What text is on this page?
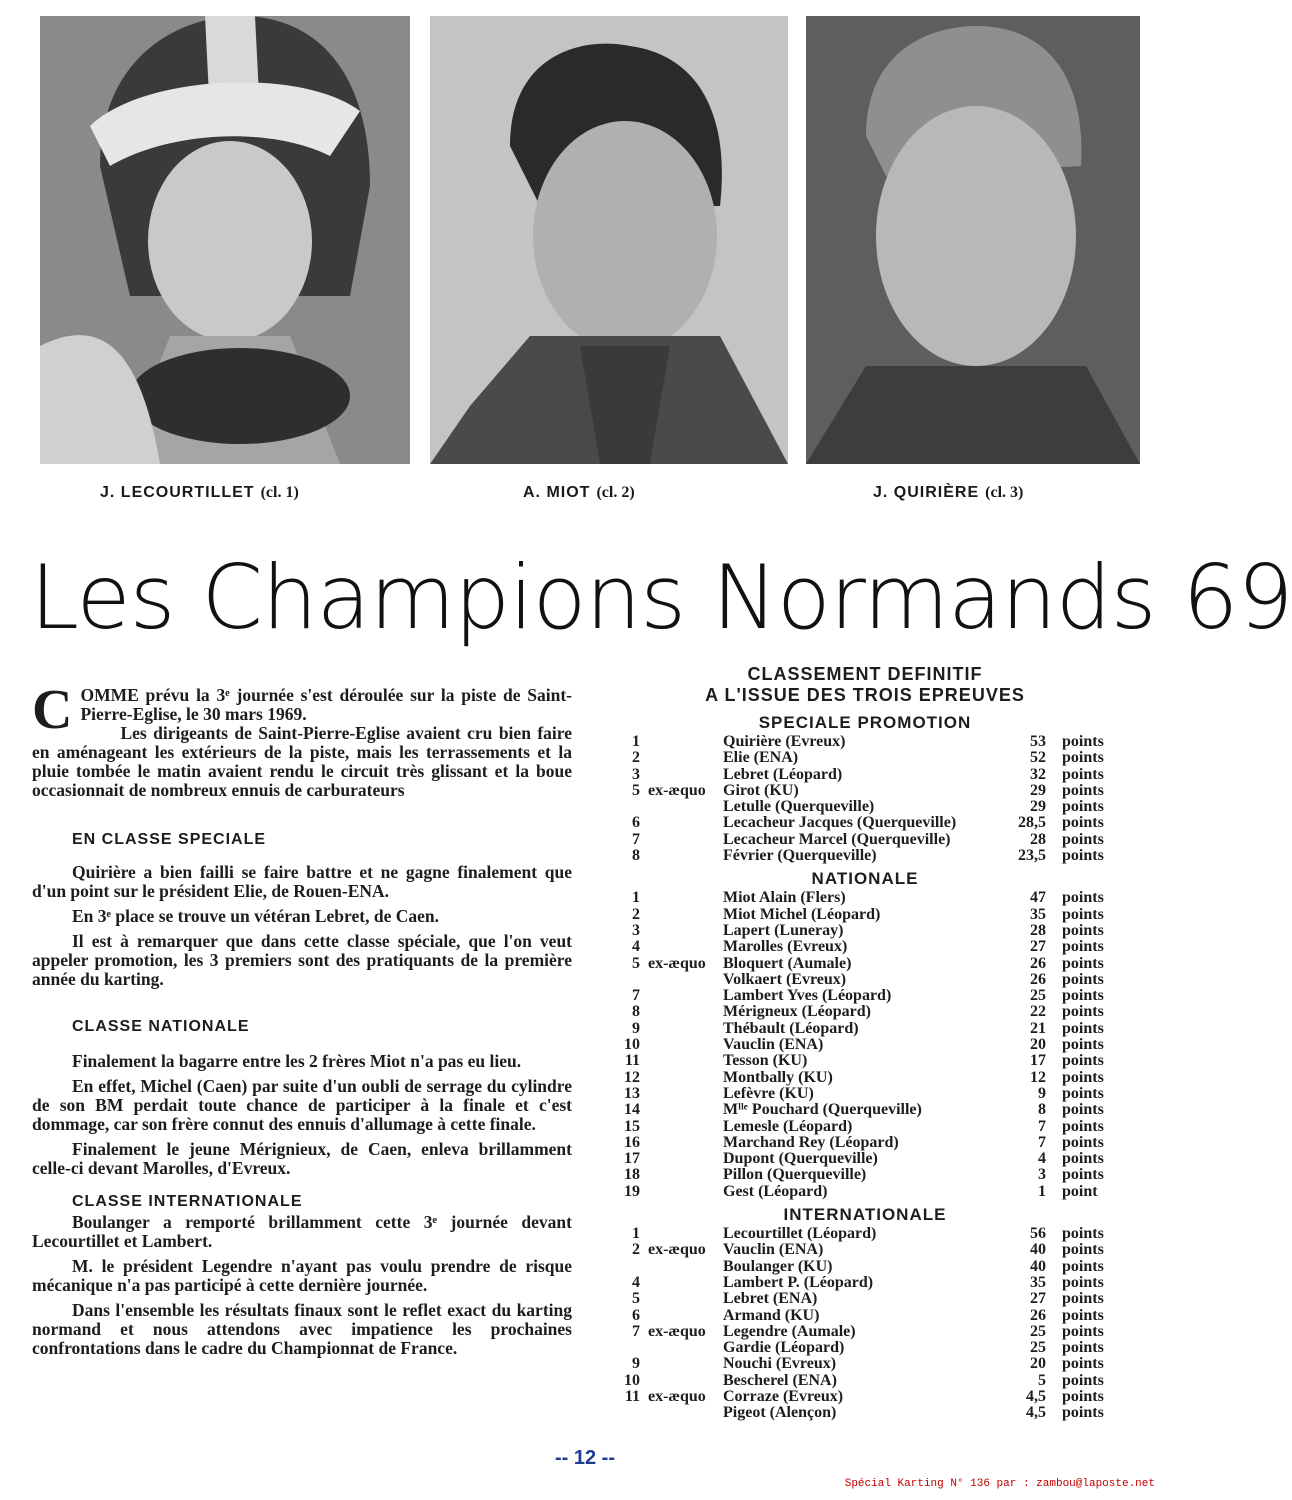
J. LECOURTILLET (cl. 1)	A. MIOT (cl. 2)	J. QUIRIÈRE (cl. 3)
Les Champions Normands 69

COMME prévu la 3ᵉ journée s'est déroulée sur la piste de Saint-Pierre-Eglise, le 30 mars 1969.

Les dirigeants de Saint-Pierre-Eglise avaient cru bien faire en aménageant les extérieurs de la piste, mais les terrassements et la pluie tombée le matin avaient rendu le circuit très glissant et la boue occasionnait de nombreux ennuis de carburateurs

EN CLASSE SPECIALE

Quirière a bien failli se faire battre et ne gagne finalement que d'un point sur le président Elie, de Rouen-ENA.

En 3ᵉ place se trouve un vétéran Lebret, de Caen.

Il est à remarquer que dans cette classe spéciale, que l'on veut appeler promotion, les 3 premiers sont des pratiquants de la première année du karting.

CLASSE NATIONALE

Finalement la bagarre entre les 2 frères Miot n'a pas eu lieu.

En effet, Michel (Caen) par suite d'un oubli de serrage du cylindre de son BM perdait toute chance de participer à la finale et c'est dommage, car son frère connut des ennuis d'allumage à cette finale.

Finalement le jeune Mérignieux, de Caen, enleva brillamment celle-ci devant Marolles, d'Evreux.

CLASSE INTERNATIONALE

Boulanger a remporté brillamment cette 3ᵉ journée devant Lecourtillet et Lambert.

M. le président Legendre n'ayant pas voulu prendre de risque mécanique n'a pas participé à cette dernière journée.

Dans l'ensemble les résultats finaux sont le reflet exact du karting normand et nous attendons avec impatience les prochaines confrontations dans le cadre du Championnat de France.

CLASSEMENT DEFINITIF
A L'ISSUE DES TROIS EPREUVES
SPECIALE PROMOTION
1	Quirière (Evreux)	53 points
2	Elie (ENA)	52 points
3	Lebret (Léopard)	32 points
5 ex-æquo Girot (KU)	29 points
Letulle (Querqueville)	29 points
6	Lecacheur Jacques (Querqueville)	28,5 points
7	Lecacheur Marcel (Querqueville)	28 points
8	Février (Querqueville)	23,5 points
NATIONALE
1	Miot Alain (Flers)	47 points
2	Miot Michel (Léopard)	35 points
3	Lapert (Luneray)	28 points
4	Marolles (Evreux)	27 points
5 ex-æquo Bloquert (Aumale)	26 points
Volkaert (Evreux)	26 points
7	Lambert Yves (Léopard)	25 points
8	Mérigneux (Léopard)	22 points
9	Thébault (Léopard)	21 points
10	Vauclin (ENA)	20 points
11	Tesson (KU)	17 points
12	Montbally (KU)	12 points
13	Lefèvre (KU)	9 points
14	Mˡˡᵉ Pouchard (Querqueville)	8 points
15	Lemesle (Léopard)	7 points
16	Marchand Rey (Léopard)	7 points
17	Dupont (Querqueville)	4 points
18	Pillon (Querqueville)	3 points
19	Gest (Léopard)	1 point
INTERNATIONALE
1	Lecourtillet (Léopard)	56 points
2 ex-æquo Vauclin (ENA)	40 points
Boulanger (KU)	40 points
4	Lambert P. (Léopard)	35 points
5	Lebret (ENA)	27 points
6	Armand (KU)	26 points
7 ex-æquo Legendre (Aumale)	25 points
Gardie (Léopard)	25 points
9	Nouchi (Evreux)	20 points
10	Bescherel (ENA)	5 points
11 ex-æquo Corraze (Evreux)	4,5 points
Pigeot (Alençon)	4,5 points
-- 12 --
Spécial Karting N° 136 par : zambou@laposte.net
